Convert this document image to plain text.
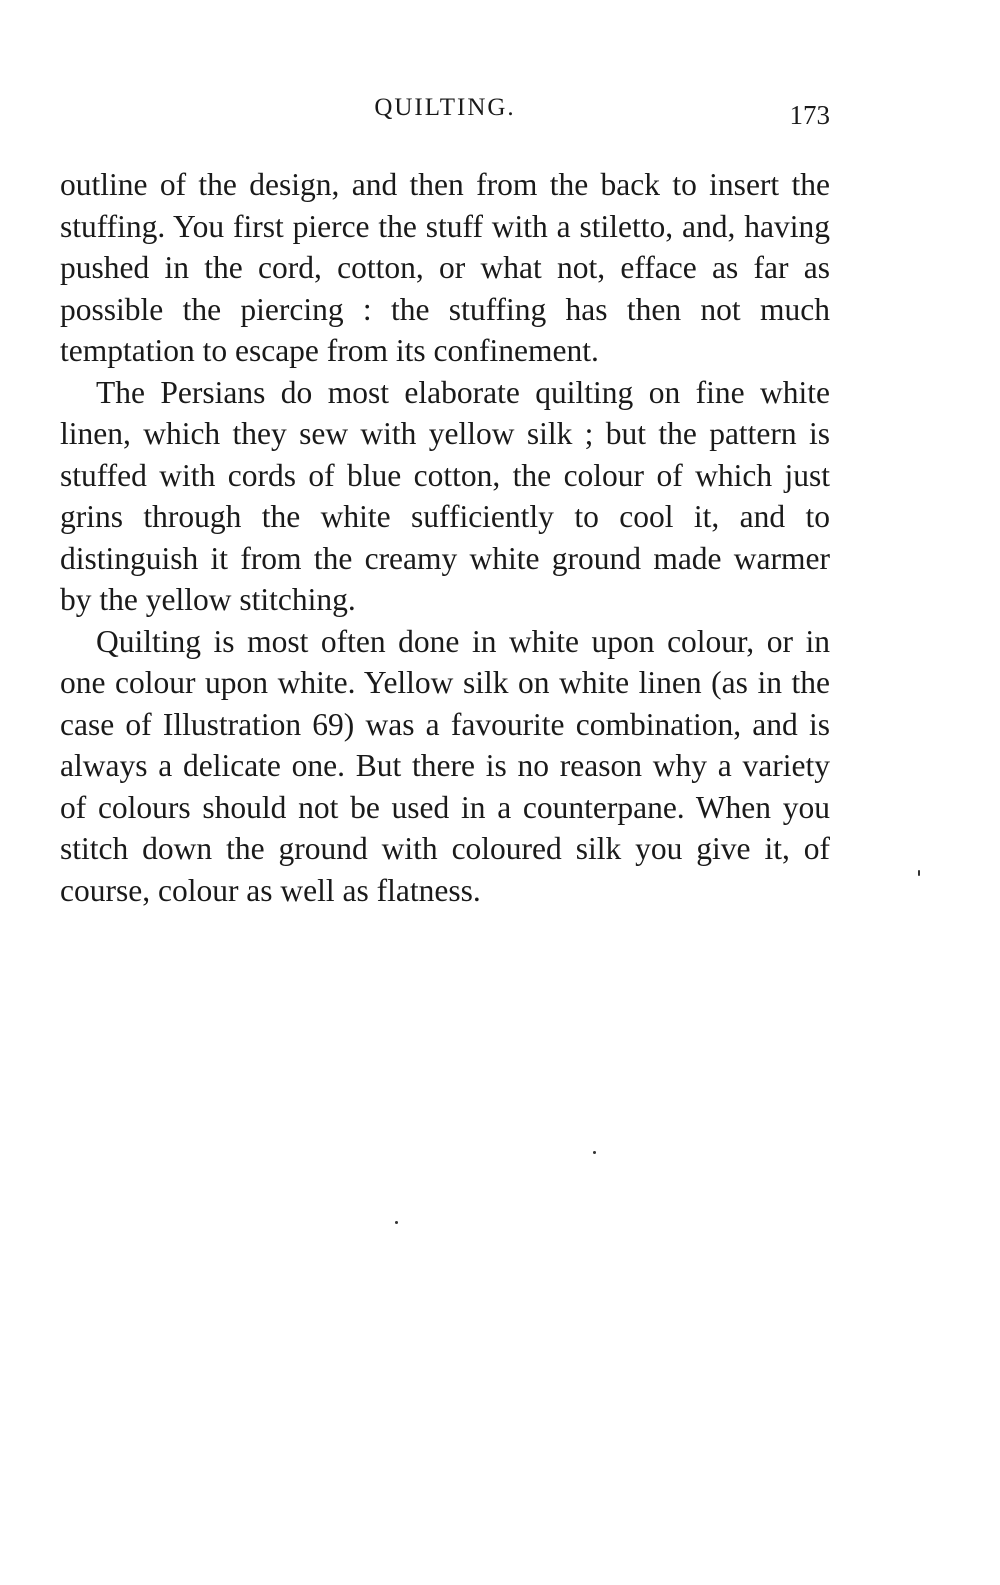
QUILTING.	173

outline of the design, and then from the back to insert the stuffing. You first pierce the stuff with a stiletto, and, having pushed in the cord, cotton, or what not, efface as far as possible the piercing : the stuffing has then not much temptation to escape from its confinement.

The Persians do most elaborate quilting on fine white linen, which they sew with yellow silk ; but the pattern is stuffed with cords of blue cotton, the colour of which just grins through the white sufficiently to cool it, and to distinguish it from the creamy white ground made warmer by the yellow stitching.

Quilting is most often done in white upon colour, or in one colour upon white. Yellow silk on white linen (as in the case of Illustration 69) was a favourite combination, and is always a delicate one. But there is no reason why a variety of colours should not be used in a counterpane. When you stitch down the ground with coloured silk you give it, of course, colour as well as flatness.
